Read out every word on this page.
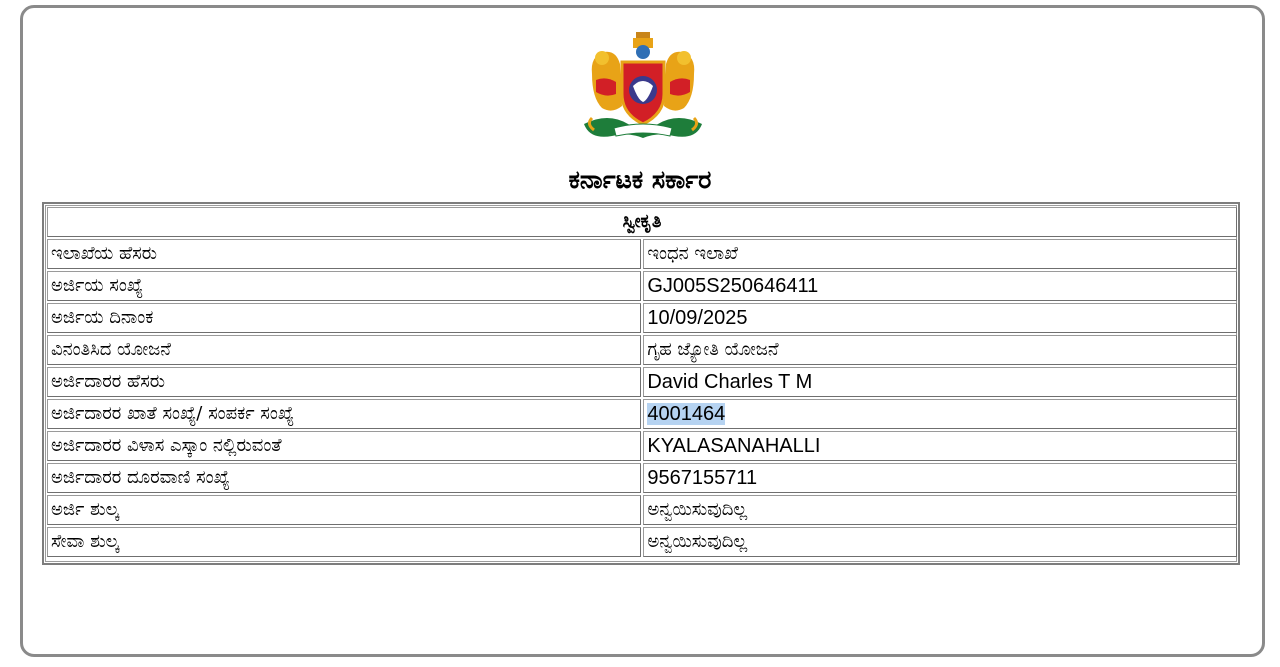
ಕರ್ನಾಟಕ ಸರ್ಕಾರ
ಸ್ವೀಕೃತಿ	
ಇಲಾಖೆಯ ಹೆಸರು	ಇಂಧನ ಇಲಾಖೆ
ಅರ್ಜಿಯ ಸಂಖ್ಯೆ	GJ005S250646411
ಅರ್ಜಿಯ ದಿನಾಂಕ	10/09/2025
ವಿನಂತಿಸಿದ ಯೋಜನೆ	ಗೃಹ ಜ್ಯೋತಿ ಯೋಜನೆ
ಅರ್ಜಿದಾರರ ಹೆಸರು	David Charles T M
ಅರ್ಜಿದಾರರ ಖಾತೆ ಸಂಖ್ಯೆ/ ಸಂಪರ್ಕ ಸಂಖ್ಯೆ	4001464
ಅರ್ಜಿದಾರರ ವಿಳಾಸ ಎಸ್ಕಾಂ ನಲ್ಲಿರುವಂತೆ	KYALASANAHALLI
ಅರ್ಜಿದಾರರ ದೂರವಾಣಿ ಸಂಖ್ಯೆ	9567155711
ಅರ್ಜಿ ಶುಲ್ಕ	ಅನ್ವಯಿಸುವುದಿಲ್ಲ
ಸೇವಾ ಶುಲ್ಕ	ಅನ್ವಯಿಸುವುದಿಲ್ಲ
